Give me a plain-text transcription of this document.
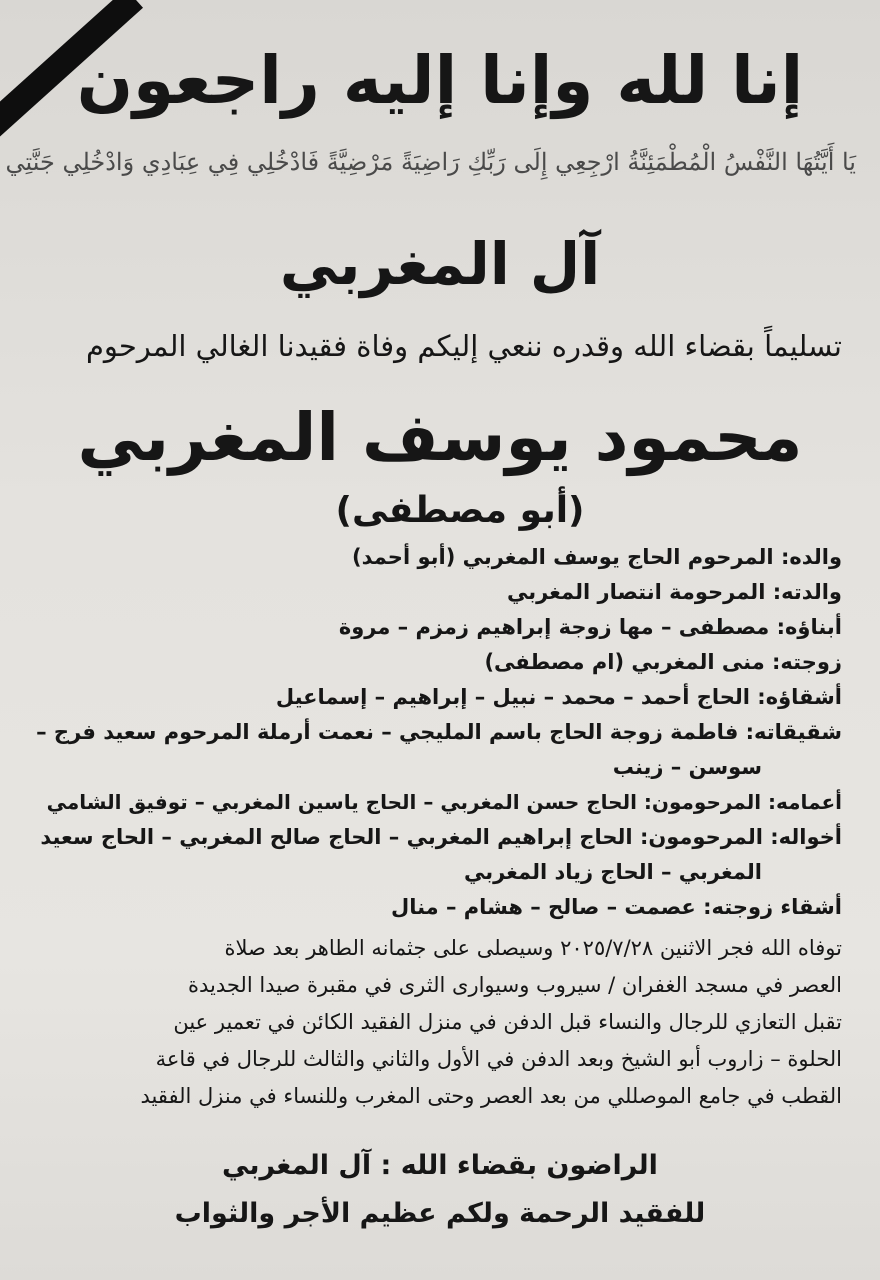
إنا لله وإنا إليه راجعون
يَا أَيَّتُهَا النَّفْسُ الْمُطْمَئِنَّةُ ارْجِعِي إِلَى رَبِّكِ رَاضِيَةً مَرْضِيَّةً فَادْخُلِي فِي عِبَادِي وَادْخُلِي جَنَّتِي
آل المغربي
تسليماً بقضاء الله وقدره ننعي إليكم وفاة فقيدنا الغالي المرحوم
محمود يوسف المغربي
(أبو مصطفى)
والده: المرحوم الحاج يوسف المغربي (أبو أحمد)
والدته: المرحومة انتصار المغربي
أبناؤه: مصطفى – مها زوجة إبراهيم زمزم – مروة
زوجته: منى المغربي (ام مصطفى)
أشقاؤه: الحاج أحمد – محمد – نبيل – إبراهيم – إسماعيل
شقيقاته: فاطمة زوجة الحاج باسم المليجي – نعمت أرملة المرحوم سعيد فرج –
سوسن – زينب
أعمامه: المرحومون: الحاج حسن المغربي – الحاج ياسين المغربي – توفيق الشامي
أخواله: المرحومون: الحاج إبراهيم المغربي – الحاج صالح المغربي – الحاج سعيد
المغربي – الحاج زياد المغربي
أشقاء زوجته: عصمت – صالح – هشام – منال
توفاه الله فجر الاثنين ٢٠٢٥/٧/٢٨ وسيصلى على جثمانه الطاهر بعد صلاة
العصر في مسجد الغفران / سيروب وسيوارى الثرى في مقبرة صيدا الجديدة
تقبل التعازي للرجال والنساء قبل الدفن في منزل الفقيد الكائن في تعمير عين
الحلوة – زاروب أبو الشيخ وبعد الدفن في الأول والثاني والثالث للرجال في قاعة
القطب في جامع الموصللي من بعد العصر وحتى المغرب وللنساء في منزل الفقيد
الراضون بقضاء الله : آل المغربي
للفقيد الرحمة ولكم عظيم الأجر والثواب
